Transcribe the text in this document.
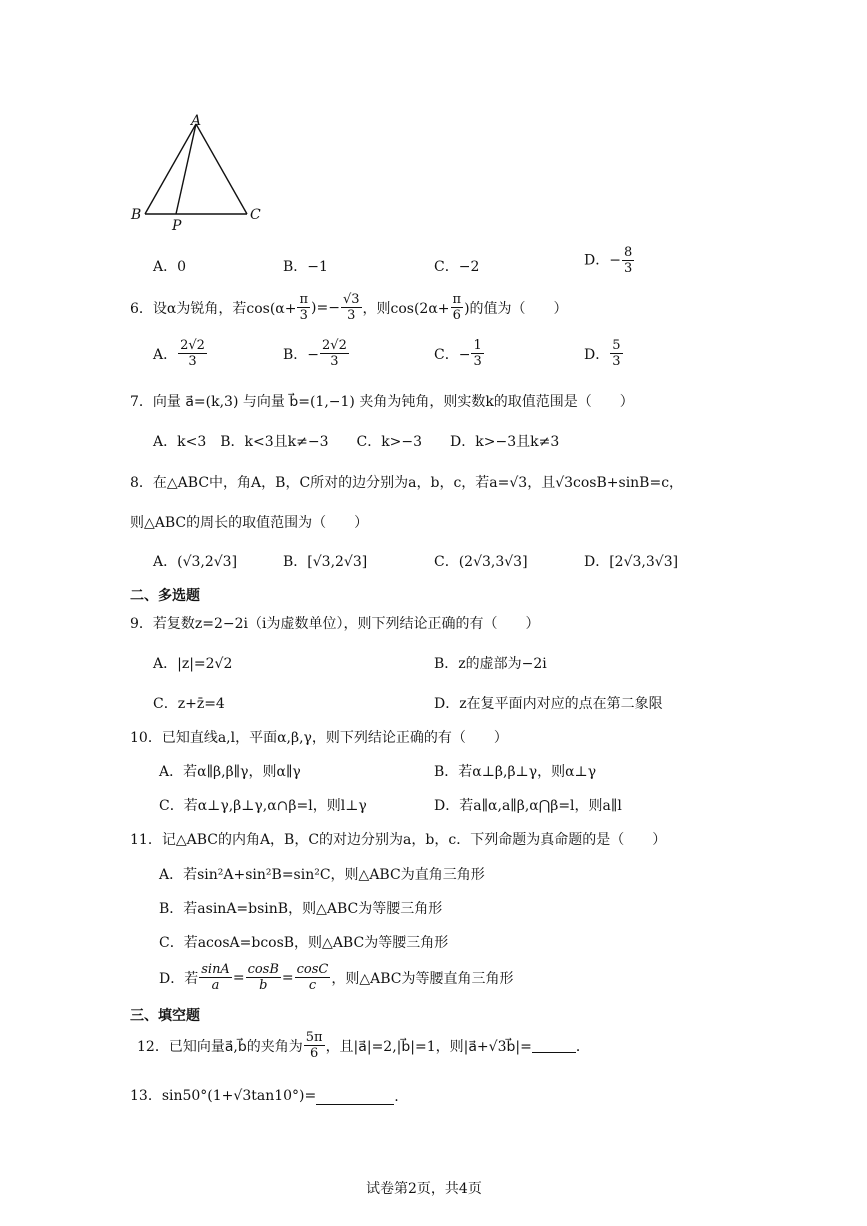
A
B	C
P
A．0	B．−1	C．−2	D．− $\frac{8}{3}$
6．设α为锐角，若$\cos(\alpha+ \frac{\pi}{3}$ )=− $\frac{√3}{3}$ ，则$\cos(2\alpha+ \frac{\pi}{6}$ )的值为（　　）
A． $\frac{2√2}{3}$	B．− $\frac{2√2}{3}$	C．− $\frac{1}{3}$	D． $\frac{5}{3}$
7．向量 a⃗=(k,3) 与向量 b⃗=(1,−1) 夹角为钝角，则实数k的取值范围是（　　）
A．k<3　B．k<3且k≠−3　　C．k>−3　　D．k>−3且k≠3
8．在△ABC中，角A，B，C所对的边分别为a，b，c，若a=√3，且√3cosB+sinB=c，
则△ABC的周长的取值范围为（　　）
A．(√3,2√3]	B．[√3,2√3]	C．(2√3,3√3]	D．[2√3,3√3]
二、多选题
9．若复数z=2−2i（i为虚数单位），则下列结论正确的有（　　）
A．|z|=2√2	B．z的虚部为−2i
C．z+z̄=4	D．z在复平面内对应的点在第二象限
10．已知直线a,l，平面α,β,γ，则下列结论正确的有（　　）
A．若α∥β,β∥γ，则α∥γ	B．若α⊥β,β⊥γ，则α⊥γ
C．若α⊥γ,β⊥γ,α∩β=l，则l⊥γ	D．若a∥α,a∥β,α⋂β=l，则a∥l
11．记△ABC的内角A，B，C的对边分别为a，b，c．下列命题为真命题的是（　　）
A．若sin²A+sin²B=sin²C，则△ABC为直角三角形
B．若asinA=bsinB，则△ABC为等腰三角形
C．若acosA=bcosB，则△ABC为等腰三角形
D．若 $\frac{\sin A}{a} = \frac{\cos B}{b} = \frac{\cos C}{c}$ ，则△ABC为等腰直角三角形
三、填空题
12．已知向量a⃗,b⃗的夹角为 $\frac{5\pi}{6}$ ，且|a⃗|=2,|b⃗|=1，则|a⃗+√3b⃗|=	．
13．sin50°(1+√3tan10°)=	.
试卷第2页，共4页
